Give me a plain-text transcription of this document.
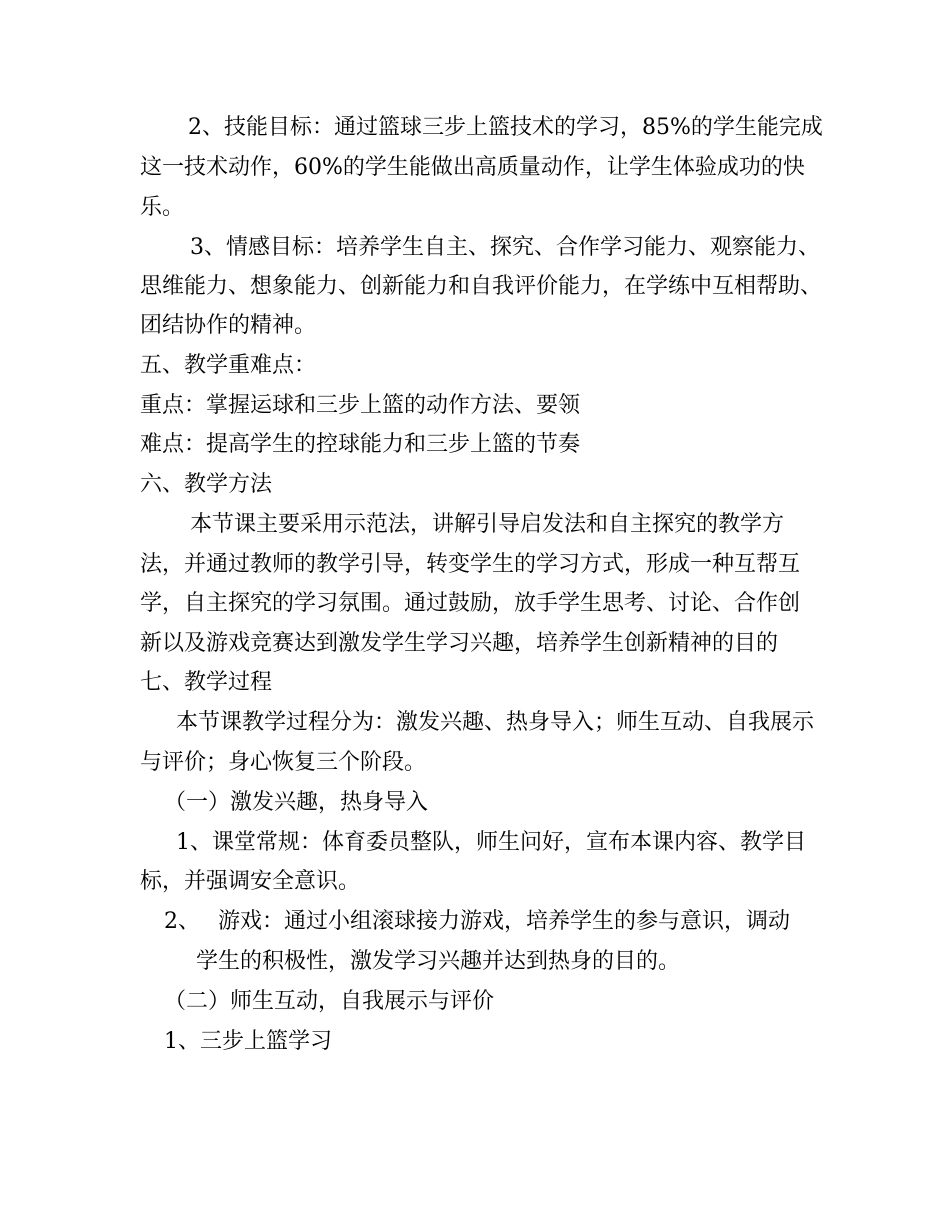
2、技能目标：通过篮球三步上篮技术的学习，85%的学生能完成

这一技术动作，60%的学生能做出高质量动作，让学生体验成功的快

乐。

3、情感目标：培养学生自主、探究、合作学习能力、观察能力、

思维能力、想象能力、创新能力和自我评价能力，在学练中互相帮助、

团结协作的精神。

五、教学重难点：

重点：掌握运球和三步上篮的动作方法、要领

难点：提高学生的控球能力和三步上篮的节奏

六、教学方法

本节课主要采用示范法，讲解引导启发法和自主探究的教学方

法，并通过教师的教学引导，转变学生的学习方式，形成一种互帮互

学，自主探究的学习氛围。通过鼓励，放手学生思考、讨论、合作创

新以及游戏竞赛达到激发学生学习兴趣，培养学生创新精神的目的

七、教学过程

本节课教学过程分为：激发兴趣、热身导入；师生互动、自我展示

与评价；身心恢复三个阶段。

（一）激发兴趣，热身导入

1、课堂常规：体育委员整队，师生问好，宣布本课内容、教学目

标，并强调安全意识。

2、 游戏：通过小组滚球接力游戏，培养学生的参与意识，调动

学生的积极性，激发学习兴趣并达到热身的目的。

（二）师生互动，自我展示与评价

1、三步上篮学习
